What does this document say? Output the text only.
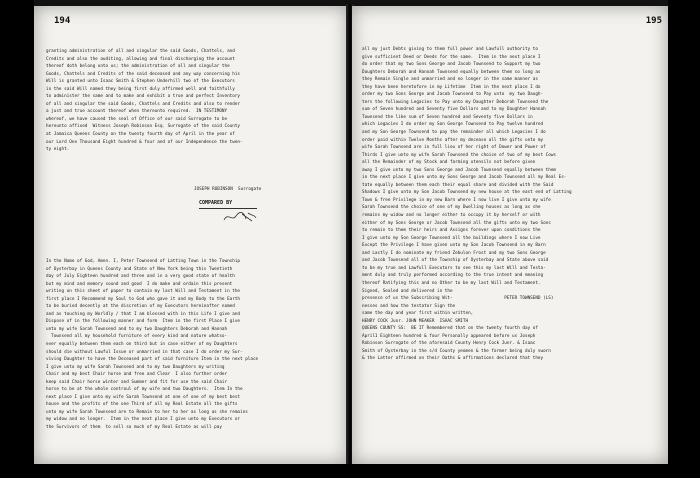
194
granting administration of all and singular the said Goods, Chattels, and
Credits and also the auditing, allowing and final discharging the account
thereof doth belong unto us; the administration of all and singular the
Goods, Chattels and Credits of the said deceased and any way concerning his
Will is granted unto Isaac Smith & Stephen Underhill two of the Executors
in the said Will named they being first duly affirmed well and faithfully
to administer the same and to make and exhibit a true and perfect Inventory
of all and singular the said Goods, Chattels and Credits and also to render
a just and true account thereof when thereunto required.  IN TESTIMONY
whereof, we have caused the seal of Office of our said Surrogate to be
hereunto affixed  Witness Joseph Robinson Esq. Surrogate of the said County
at Jamaica Queens County on the twenty fourth day of April in the year of
our Lord One Thousand Eight hundred & four and of our Independence the twen-
ty eight.
JOSEPH ROBINSON  Surrogate
COMPARED BY
In the Name of God, Amen. I, Peter Townsend of Latting Town in the Township
of Oysterbay in Queens County and State of New York being this Twentieth
day of July Eighteen hundred and three and in a very good state of health
but my mind and memory sound and good  I do make and ordain this present
writing on this sheet of paper to contain my last Will and Testament in the
first place I Recommend my Soul to God who gave it and my Body to the Earth
to be buried decently at the discretion of my Executors hereinafter named
and as touching my Worldly / that I am blessed with in this Life I give and
Dispose of in the following manner and form  Item in the first Place I give
unto my wife Sarah Townsend and to my two Daughters Deborah and Hannah
Townsend all my household furniture of every kind and nature whatso-
ever equally between them each on third but in case either of my Daughters
should die without Lawful Issue or unmarried in that case I do order my Sur-
viving Daughter to have the Deceased part of said furniture Item in the next place
I give unto my wife Sarah Townsend and to my two Daughters my writing
Chair and my best Chair horse and free and Clear  I also further order
keep said Chair horse winter and Summer and fit for use the said Chair
horse to be at the whole controul of my wife and two Daughters.  Item In the
next place I give unto my wife Sarah Townsend at one of one of my best best
house and the profits of the one Third of all my Real Estate all the gifts
unto my wife Sarah Townsend are to Remain to her to her as long as she remains
my widow and no longer.  Item in the next place I give unto my Executors or
the Survivors of them  to sell so much of my Real Estate as will pay
195
all my just Debts giving to them full power and Lawfull authority to
give sufficient Deed or Deeds for the same.  Item in the next place I
do order that my two Sons George and Jacob Townsend to Support my two
Daughters Deborah and Hannah Townsend equally between them so long as
they Remain Single and unmarried and no longer in the same manner as
they have been heretofore in my Lifetime  Item in the next place I do
order my two Sons George and Jacob Townsend to Pay unto  my two Daugh-
ters the following Legacies to Pay unto my Daughter Deborah Townsend the
sum of Seven hundred and Seventy five Dollars and to my Daughter Hannah
Townsend the like sum of Seven hundred and Seventy five Dollars in
which Legacies I do order my Son George Townsend to Pay twelve hundred
and my Son George Townsend to pay the remainder all which Legacies I do
order paid within Twelve Months after my decease all the gifts unto my
wife Sarah Townsend are in full lieu of her right of Dower and Power of
Thirds I give unto my wife Sarah Townsend the choice of two of my best Cows
all the Remainder of my Stock and farming utensils not before given
away I give unto my two Sons George and Jacob Townsend equally between them
in the next place I give unto my Sons George and Jacob Townsend all my Real Es-
tate equally between them each their equal share and divided with the Said
Shadows I give unto my Son Jacob Townsend my new house at the east end of Latting
Town & free Privilege in my new Barn where I now live I give unto my wife
Sarah Townsend the choice of one of my Dwelling houses as long as she
remains my widow and no longer either to occupy it by herself or with
either of my Sons George or Jacob Townsend all the gifts unto my two Sons
to remain to them their heirs and Assigns forever upon conditions the
I give unto my Son George Townsend all the buildings where I now Live
Except the Privilege I have given unto my Son Jacob Townsend in my Barn
and Lastly I do nominate my friend Zebulon Frost and my two Sons George
and Jacob Townsend all of the Township of Oysterbay and State above said
to be my true and Lawfull Executors to see this my last Will and Testa-
ment duly and truly performed according to the true intent and meaning
thereof Ratifying this and no Other to be my last Will and Testament.
Signed, Sealed and delivered in the
presence of us the Subscribing Wit-                    PETER TOWNSEND (LS)
nesses and how the testator Sign the
same the day and year first within written,
HENRY COCK Junr. JOHN MEAKER  ISAAC SMITH
QUEENS COUNTY SS:  BE IT Remembered that on the twenty fourth day of
April1 Eighteen hundred & four Personally appeared before us Joseph
Robinson Surrogate of the aforesaid County Henry Cock Junr. & Isaac
Smith of Oysterbay in the s/d County yeomen & the former being duly sworn
& the Latter affirmed on their Oaths & affirmations declared that they
